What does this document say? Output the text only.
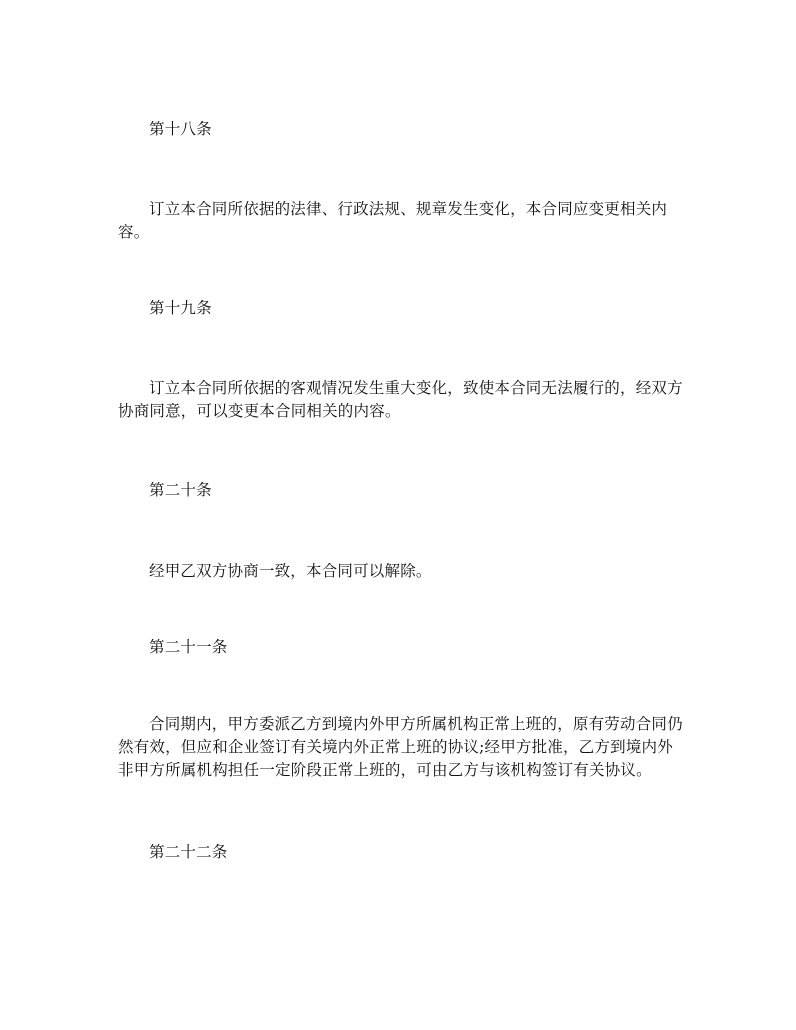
第十八条

订立本合同所依据的法律、行政法规、规章发生变化，本合同应变更相关内容。

第十九条

订立本合同所依据的客观情况发生重大变化，致使本合同无法履行的，经双方协商同意，可以变更本合同相关的内容。

第二十条

经甲乙双方协商一致，本合同可以解除。

第二十一条

合同期内，甲方委派乙方到境内外甲方所属机构正常上班的，原有劳动合同仍然有效，但应和企业签订有关境内外正常上班的协议;经甲方批准，乙方到境内外非甲方所属机构担任一定阶段正常上班的，可由乙方与该机构签订有关协议。

第二十二条
